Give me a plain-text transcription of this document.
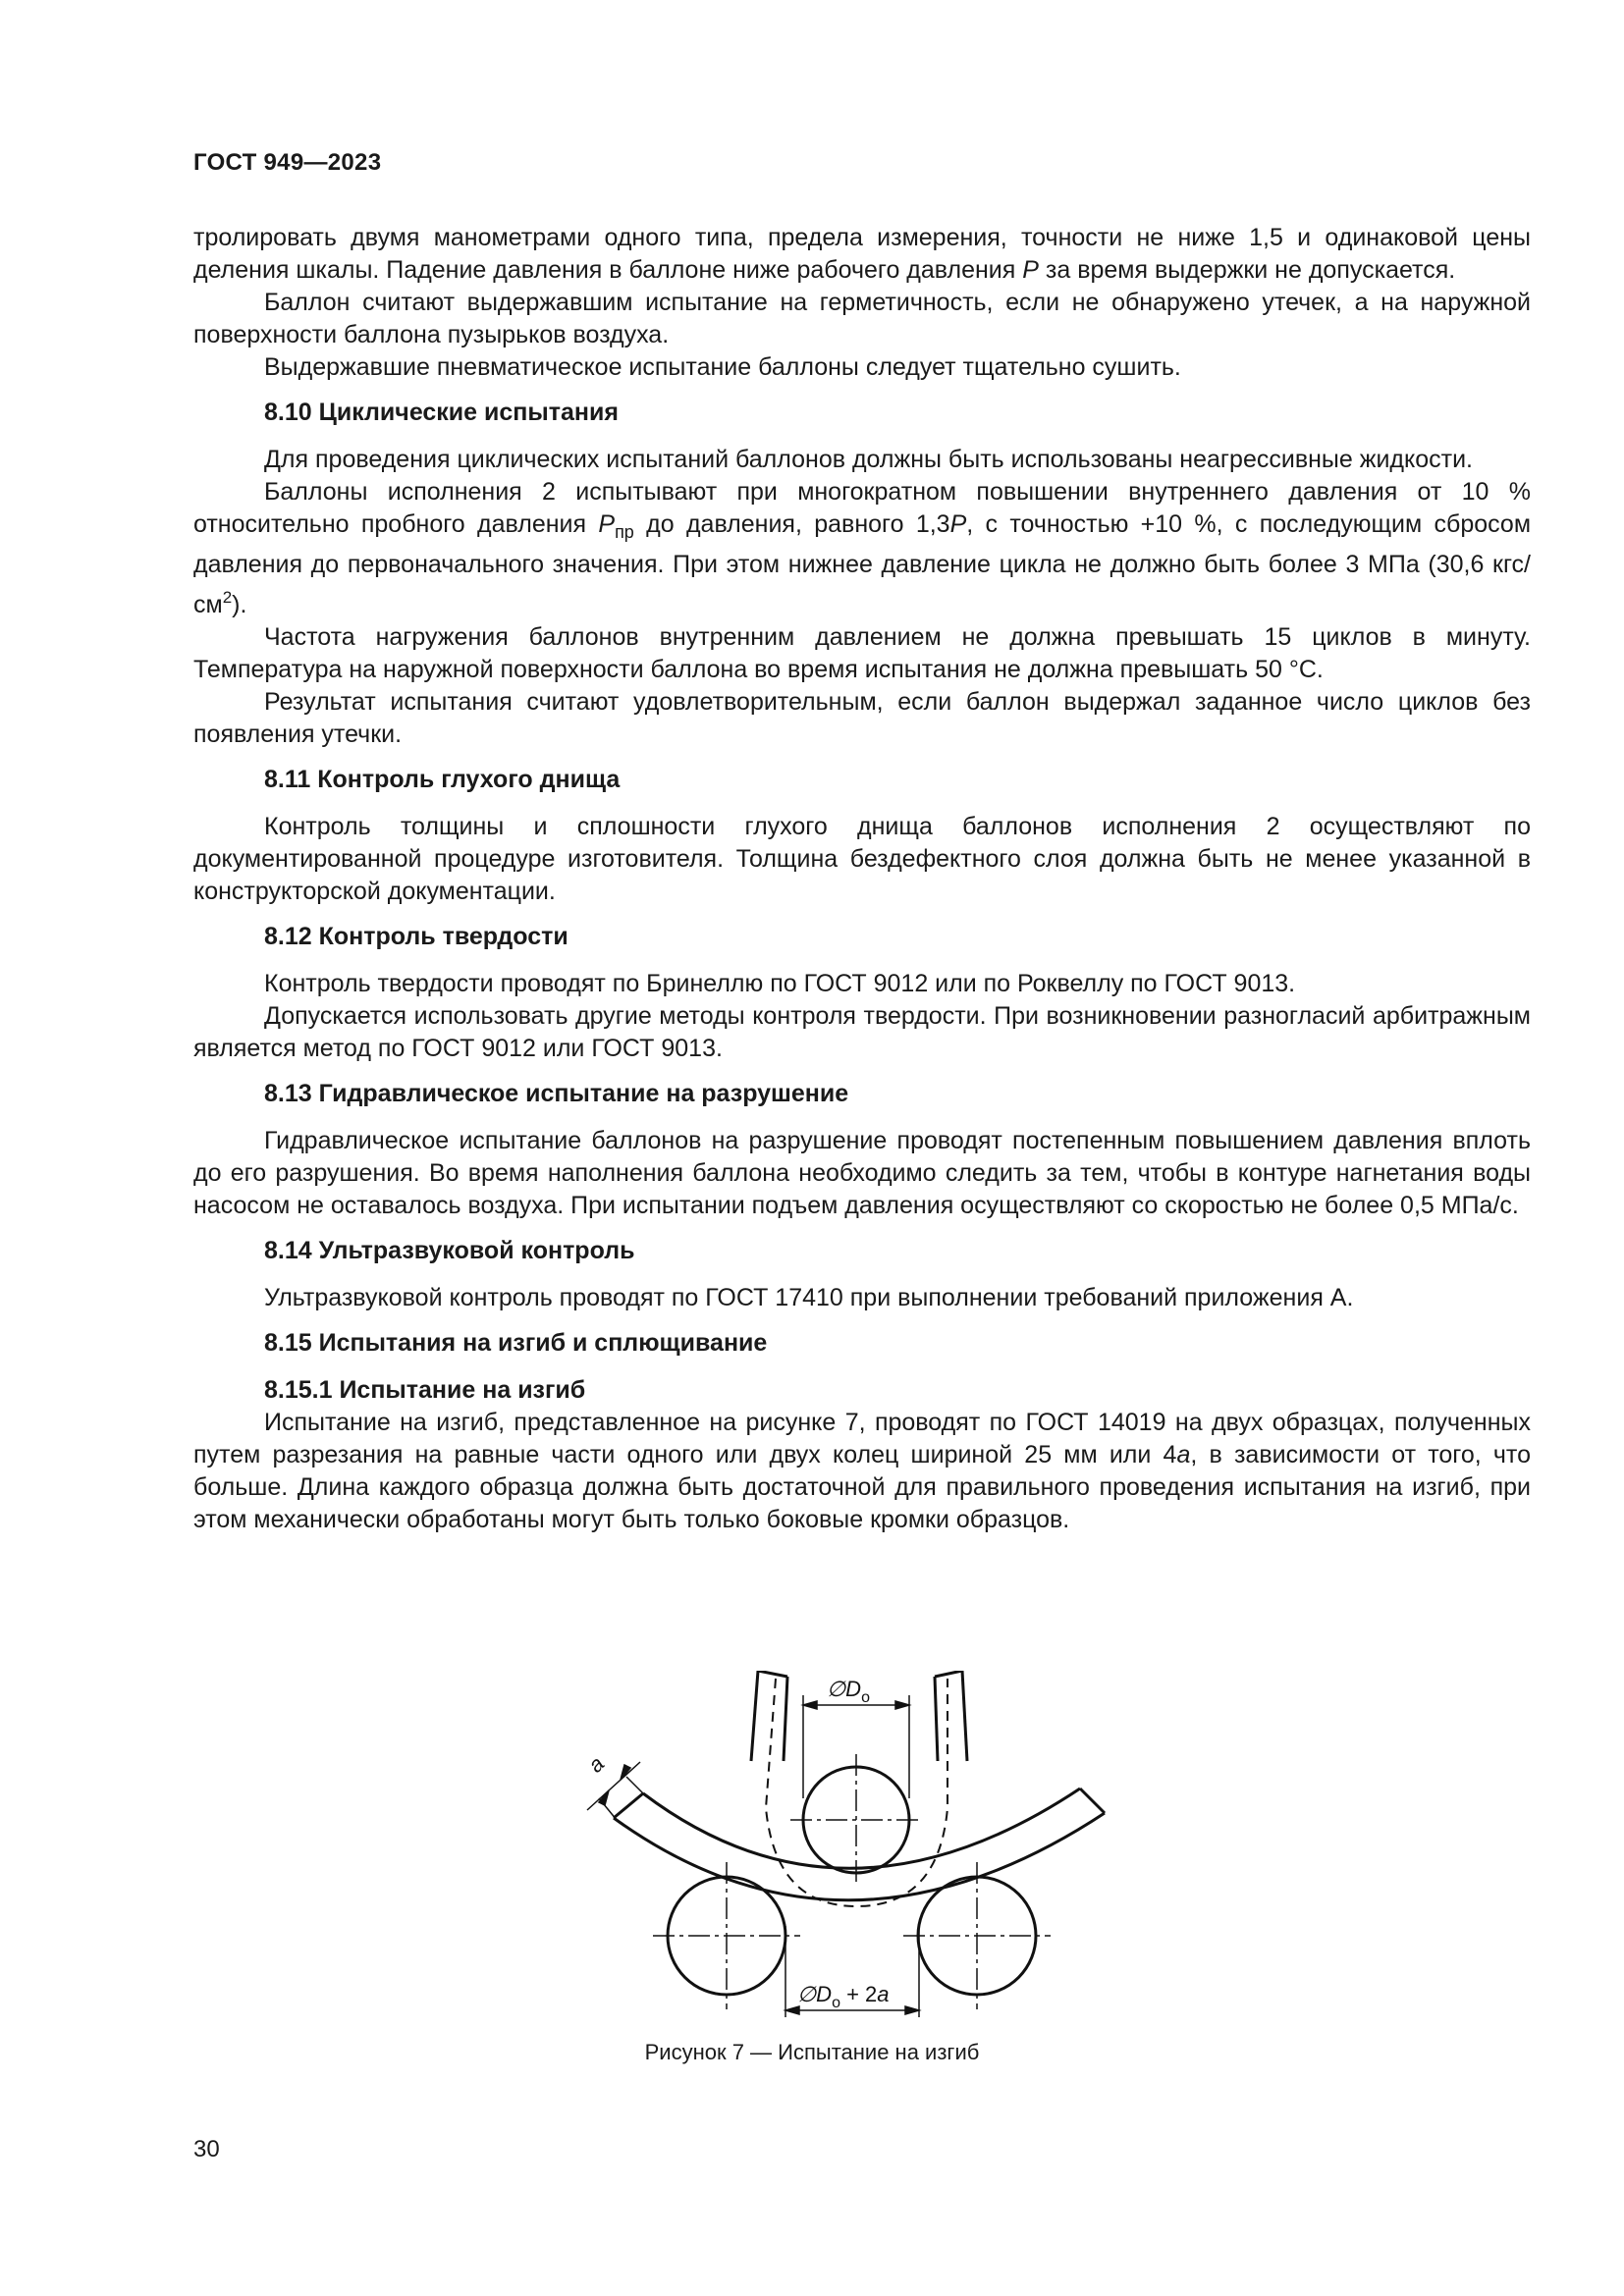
ГОСТ 949—2023

тролировать двумя манометрами одного типа, предела измерения, точности не ниже 1,5 и одинаковой цены деления шкалы. Падение давления в баллоне ниже рабочего давления P за время выдержки не допускается.

Баллон считают выдержавшим испытание на герметичность, если не обнаружено утечек, а на наружной поверхности баллона пузырьков воздуха.

Выдержавшие пневматическое испытание баллоны следует тщательно сушить.

8.10 Циклические испытания

Для проведения циклических испытаний баллонов должны быть использованы неагрессивные жидкости.

Баллоны исполнения 2 испытывают при многократном повышении внутреннего давления от 10 % относительно пробного давления $P_{пр}$ до давления, равного 1,3P, с точностью +10 %, с последующим сбросом давления до первоначального значения. При этом нижнее давление цикла не должно быть более 3 МПа (30,6 кгс/$см^2$).

Частота нагружения баллонов внутренним давлением не должна превышать 15 циклов в минуту. Температура на наружной поверхности баллона во время испытания не должна превышать 50 °С.

Результат испытания считают удовлетворительным, если баллон выдержал заданное число циклов без появления утечки.

8.11 Контроль глухого днища

Контроль толщины и сплошности глухого днища баллонов исполнения 2 осуществляют по документированной процедуре изготовителя. Толщина бездефектного слоя должна быть не менее указанной в конструкторской документации.

8.12 Контроль твердости

Контроль твердости проводят по Бринеллю по ГОСТ 9012 или по Роквеллу по ГОСТ 9013.

Допускается использовать другие методы контроля твердости. При возникновении разногласий арбитражным является метод по ГОСТ 9012 или ГОСТ 9013.

8.13 Гидравлическое испытание на разрушение

Гидравлическое испытание баллонов на разрушение проводят постепенным повышением давления вплоть до его разрушения. Во время наполнения баллона необходимо следить за тем, чтобы в контуре нагнетания воды насосом не оставалось воздуха. При испытании подъем давления осуществляют со скоростью не более 0,5 МПа/с.

8.14 Ультразвуковой контроль

Ультразвуковой контроль проводят по ГОСТ 17410 при выполнении требований приложения А.

8.15 Испытания на изгиб и сплющивание
8.15.1 Испытание на изгиб

Испытание на изгиб, представленное на рисунке 7, проводят по ГОСТ 14019 на двух образцах, полученных путем разрезания на равные части одного или двух колец шириной 25 мм или 4a, в зависимости от того, что больше. Длина каждого образца должна быть достаточной для правильного проведения испытания на изгиб, при этом механически обработаны могут быть только боковые кромки образцов.

a
$\emptyset D_o$
$\emptyset D_o + 2a$
Рисунок 7 — Испытание на изгиб
30
